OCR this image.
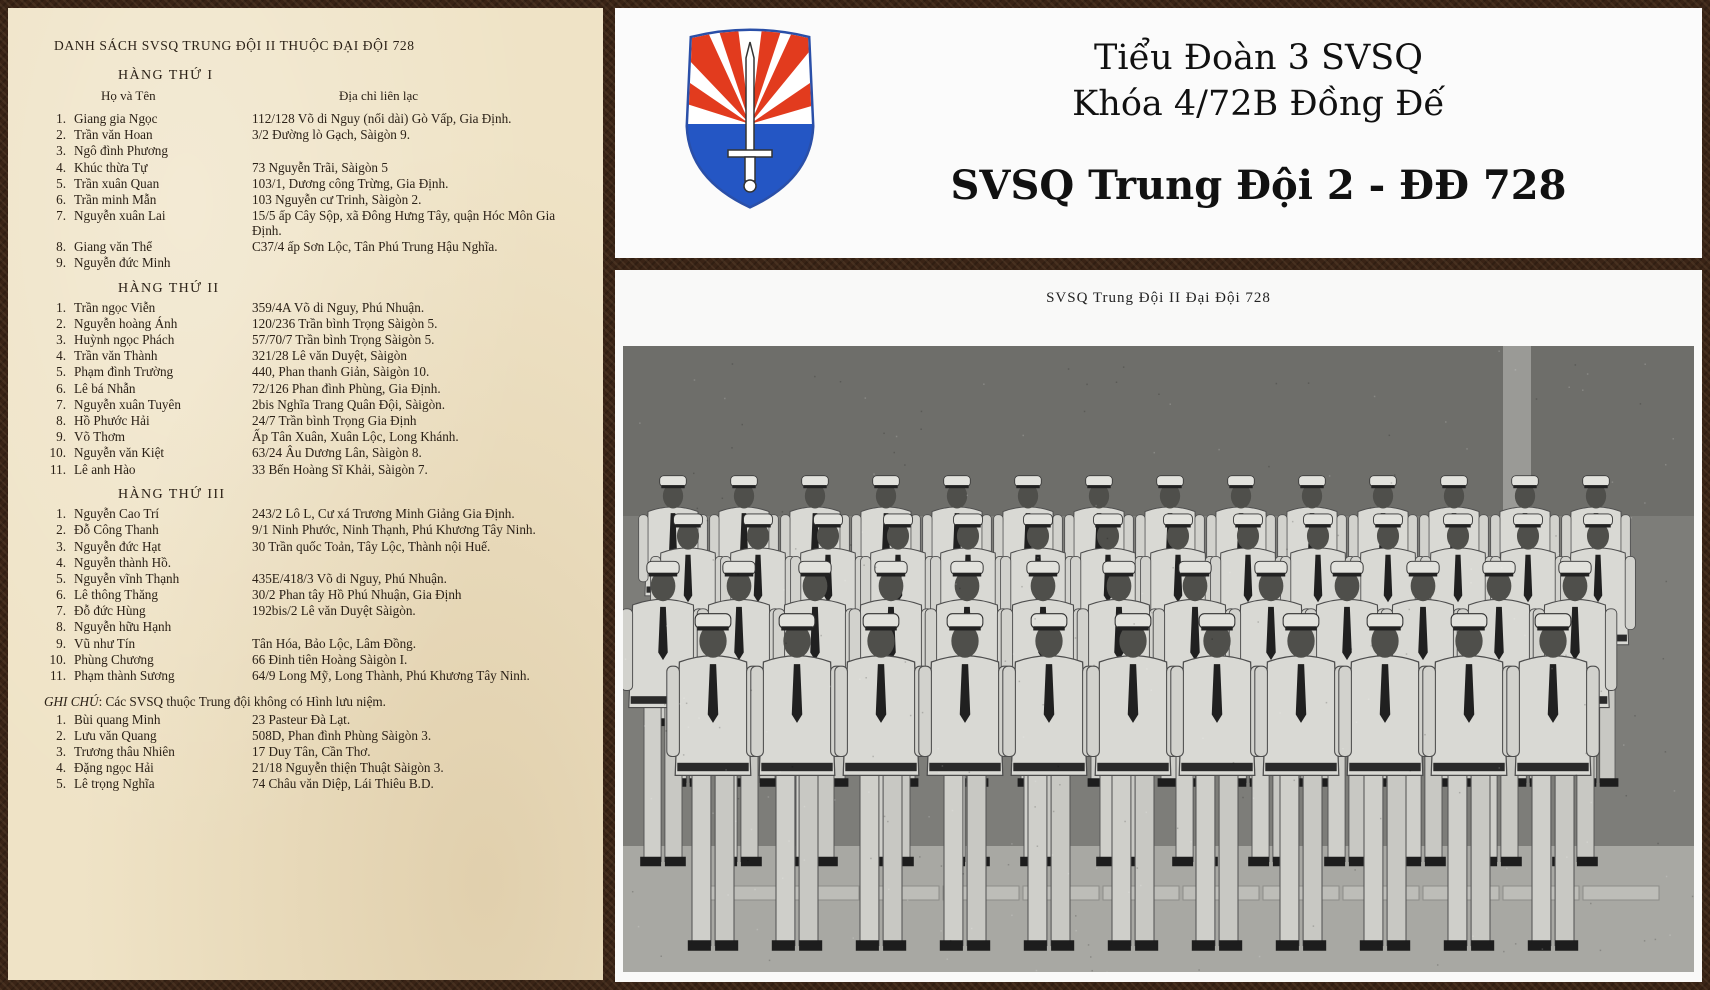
DANH SÁCH SVSQ TRUNG ĐỘI II THUỘC ĐẠI ĐỘI 728
HÀNG THỨ I
Họ và Tên	Địa chỉ liên lạc
1. Giang gia Ngọc	112/128 Võ di Nguy (nối dài) Gò Vấp, Gia Định.
2. Trần văn Hoan	3/2 Đường lò Gạch, Sàigòn 9.
3. Ngô đình Phương
4. Khúc thừa Tự	73 Nguyễn Trãi, Sàigòn 5
5. Trần xuân Quan	103/1, Dương công Trừng, Gia Định.
6. Trần minh Mẫn	103 Nguyễn cư Trinh, Sàigòn 2.
7. Nguyễn xuân Lai	15/5 ấp Cây Sộp, xã Đông Hưng Tây, quận Hóc Môn Gia Định.
8. Giang văn Thể	C37/4 ấp Sơn Lộc, Tân Phú Trung Hậu Nghĩa.
9. Nguyễn đức Minh
HÀNG THỨ II
1. Trần ngọc Viễn	359/4A Võ di Nguy, Phú Nhuận.
2. Nguyễn hoàng Ánh	120/236 Trần bình Trọng Sàigòn 5.
3. Huỳnh ngọc Phách	57/70/7 Trần bình Trọng Sàigòn 5.
4. Trần văn Thành	321/28 Lê văn Duyệt, Sàigòn
5. Phạm đình Trường	440, Phan thanh Giản, Sàigòn 10.
6. Lê bá Nhẫn	72/126 Phan đình Phùng, Gia Định.
7. Nguyễn xuân Tuyên	2bis Nghĩa Trang Quân Đội, Sàigòn.
8. Hồ Phước Hải	24/7 Trần bình Trọng Gia Định
9. Võ Thơm	Ấp Tân Xuân, Xuân Lộc, Long Khánh.
10. Nguyễn văn Kiệt	63/24 Âu Dương Lân, Sàigòn 8.
11. Lê anh Hào	33 Bến Hoàng Sĩ Khải, Sàigòn 7.
HÀNG THỨ III
1. Nguyễn Cao Trí	243/2 Lô L, Cư xá Trương Minh Giảng Gia Định.
2. Đỗ Công Thanh	9/1 Ninh Phước, Ninh Thạnh, Phú Khương Tây Ninh.
3. Nguyễn đức Hạt	30 Trần quốc Toản, Tây Lộc, Thành nội Huế.
4. Nguyễn thành Hồ.
5. Nguyễn vĩnh Thạnh	435E/418/3 Võ di Nguy, Phú Nhuận.
6. Lê thông Thăng	30/2 Phan tây Hồ Phú Nhuận, Gia Định
7. Đỗ đức Hùng	192bis/2 Lê văn Duyệt Sàigòn.
8. Nguyễn hữu Hạnh
9. Vũ như Tín	Tân Hóa, Bảo Lộc, Lâm Đồng.
10. Phùng Chương	66 Đinh tiên Hoàng Sàigòn I.
11. Phạm thành Sương	64/9 Long Mỹ, Long Thành, Phú Khương Tây Ninh.
GHI CHÚ: Các SVSQ thuộc Trung đội không có Hình lưu niệm.
1. Bùi quang Minh	23 Pasteur Đà Lạt.
2. Lưu văn Quang	508D, Phan đình Phùng Sàigòn 3.
3. Trương thâu Nhiên	17 Duy Tân, Cần Thơ.
4. Đặng ngọc Hải	21/18 Nguyễn thiện Thuật Sàigòn 3.
5. Lê trọng Nghĩa	74 Châu văn Diệp, Lái Thiêu B.D.
Tiểu Đoàn 3 SVSQ
Khóa 4/72B Đồng Đế
SVSQ Trung Đội 2 - ĐĐ 728
SVSQ Trung Đội II Đại Đội 728
